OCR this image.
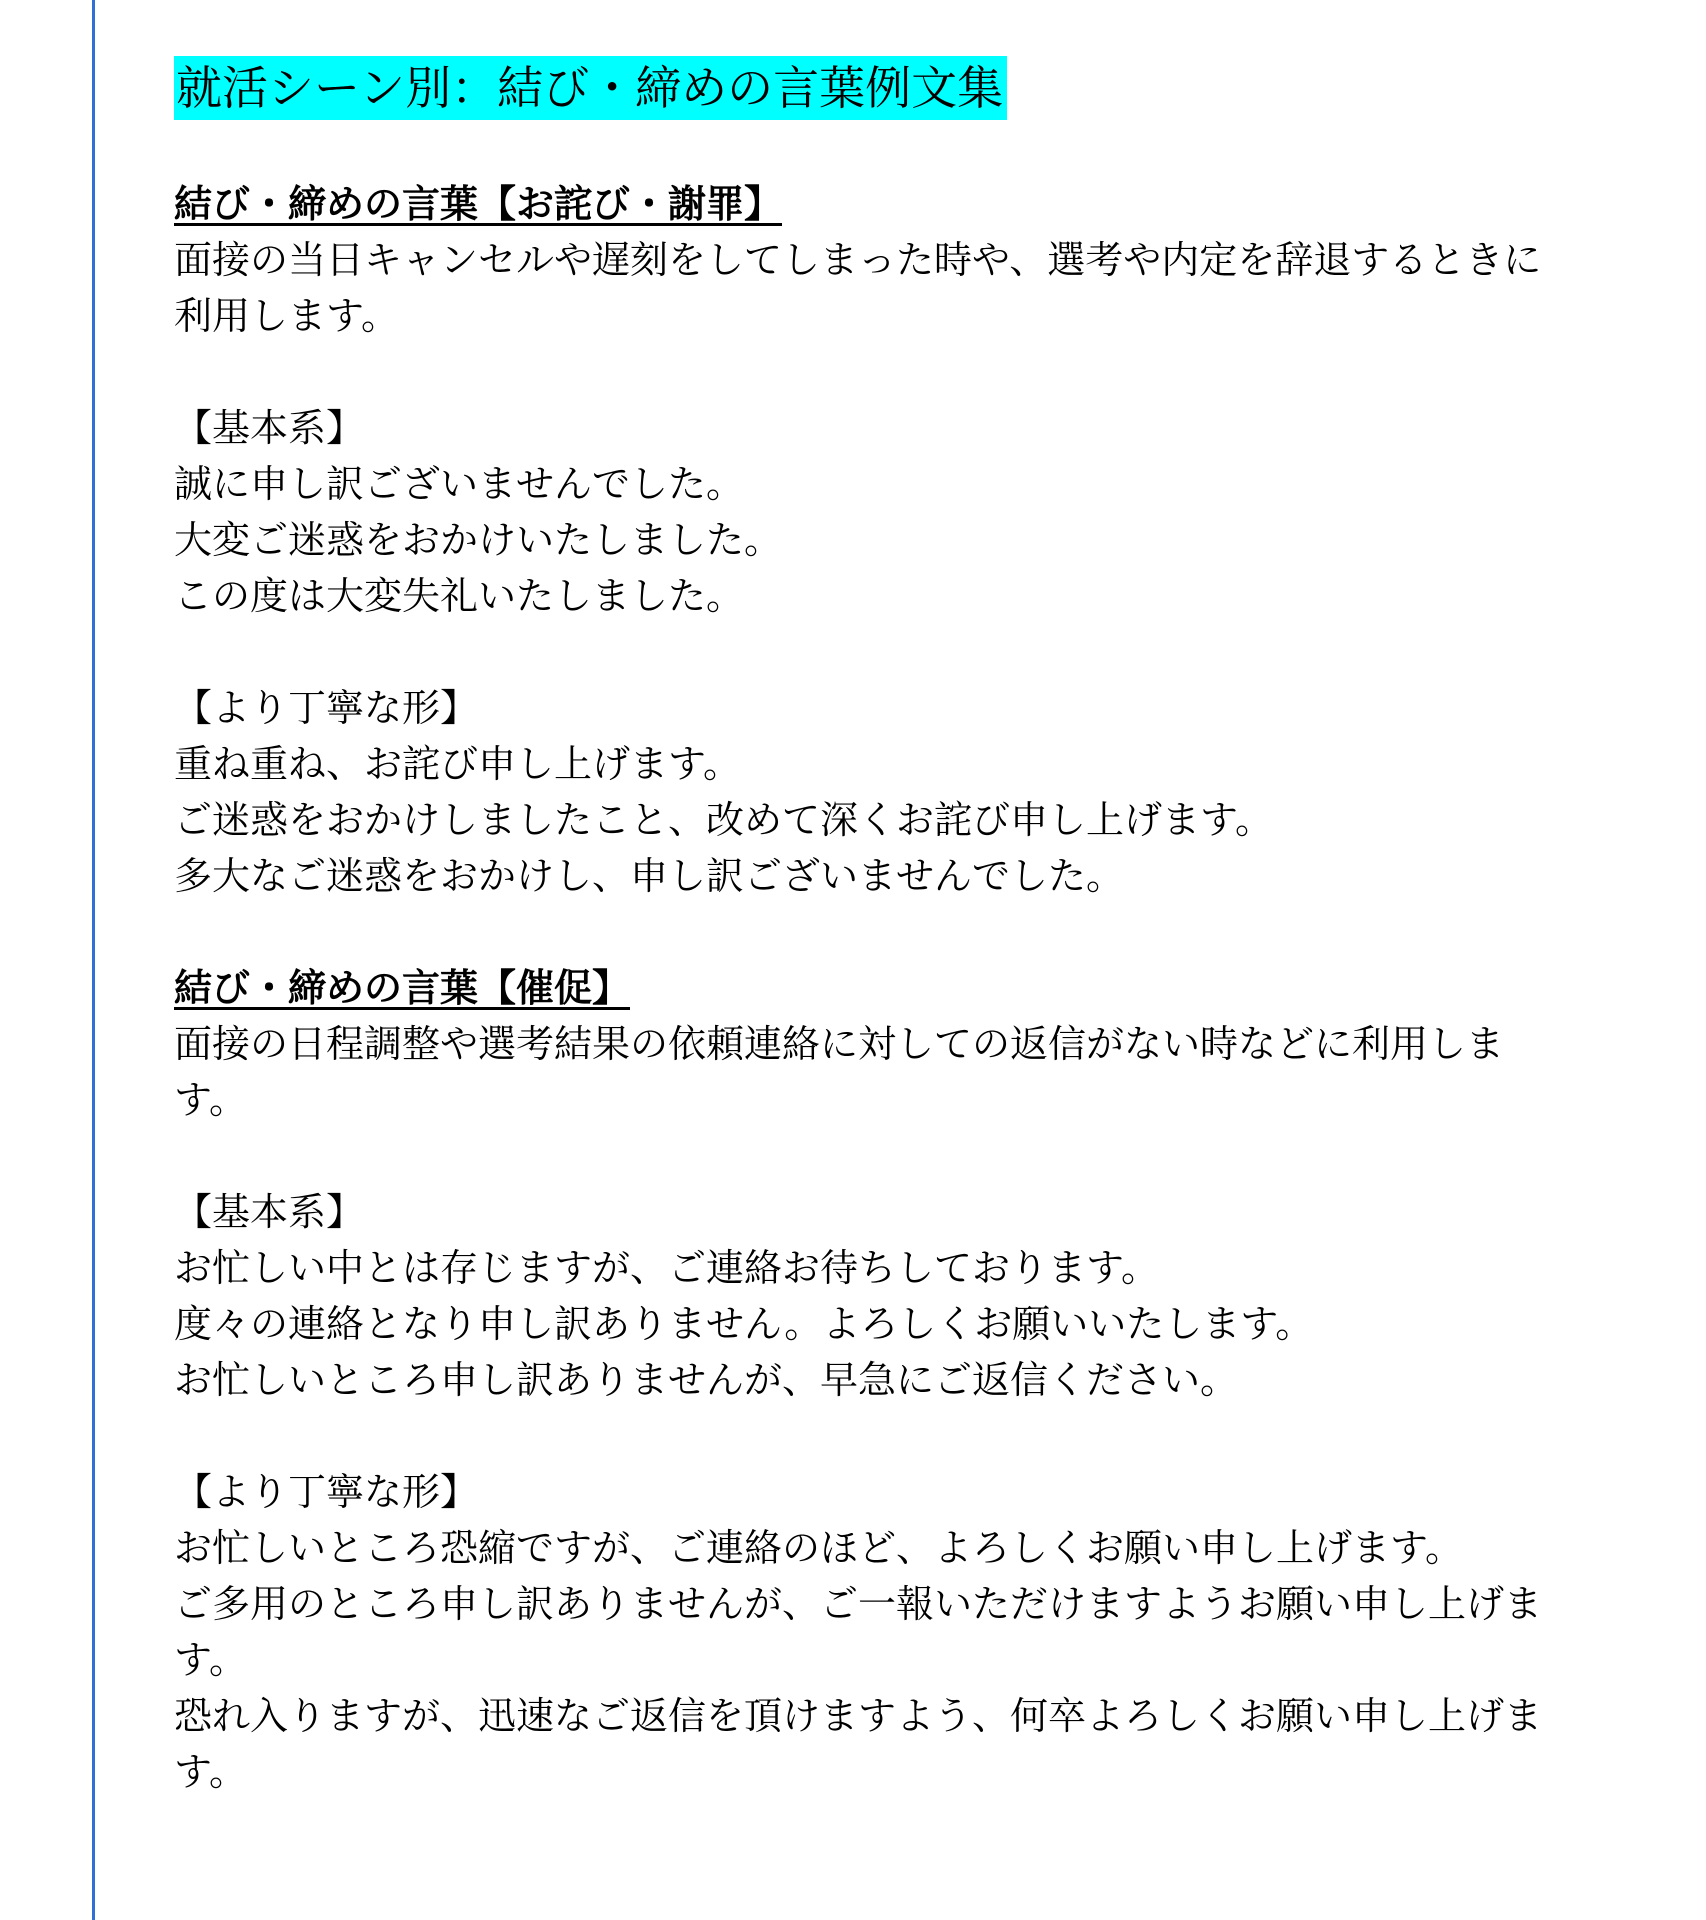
就活シーン別：結び・締めの言葉例文集

結び・締めの言葉【お詫び・謝罪】

面接の当日キャンセルや遅刻をしてしまった時や、選考や内定を辞退するときに利用します。

【基本系】

誠に申し訳ございませんでした。

大変ご迷惑をおかけいたしました。

この度は大変失礼いたしました。

【より丁寧な形】

重ね重ね、お詫び申し上げます。

ご迷惑をおかけしましたこと、改めて深くお詫び申し上げます。

多大なご迷惑をおかけし、申し訳ございませんでした。

結び・締めの言葉【催促】

面接の日程調整や選考結果の依頼連絡に対しての返信がない時などに利用します。

【基本系】

お忙しい中とは存じますが、ご連絡お待ちしております。

度々の連絡となり申し訳ありません。よろしくお願いいたします。

お忙しいところ申し訳ありませんが、早急にご返信ください。

【より丁寧な形】

お忙しいところ恐縮ですが、ご連絡のほど、よろしくお願い申し上げます。

ご多用のところ申し訳ありませんが、ご一報いただけますようお願い申し上げます。

恐れ入りますが、迅速なご返信を頂けますよう、何卒よろしくお願い申し上げます。
